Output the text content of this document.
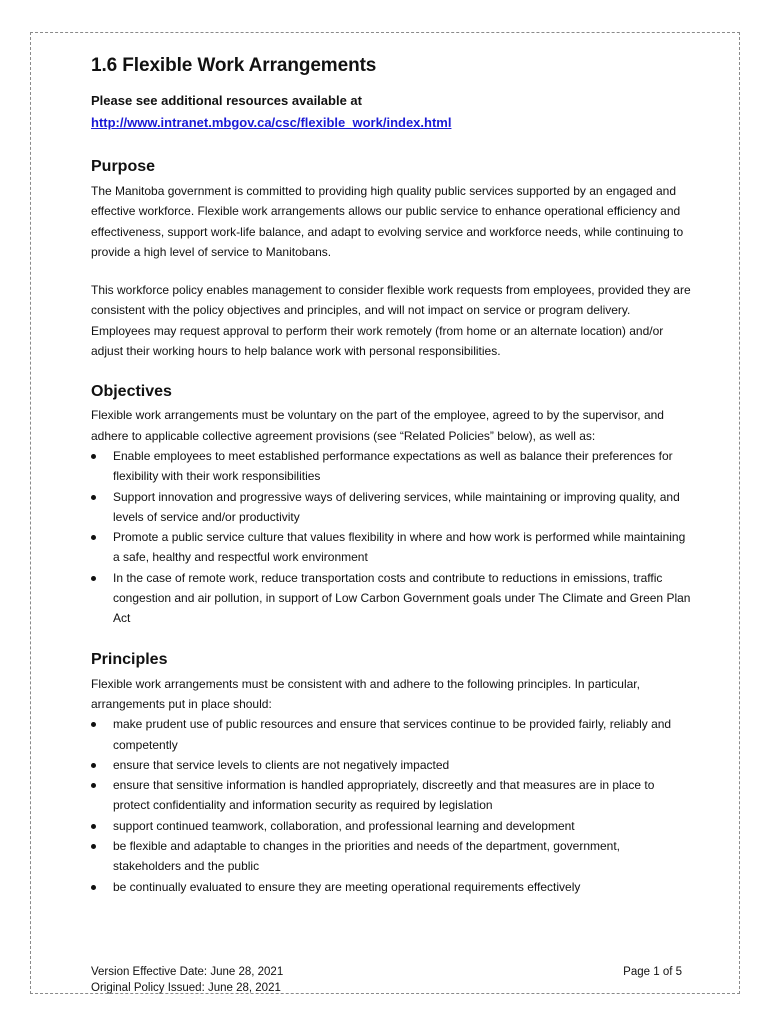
1.6 Flexible Work Arrangements
Please see additional resources available at
http://www.intranet.mbgov.ca/csc/flexible_work/index.html
Purpose

The Manitoba government is committed to providing high quality public services supported by an engaged and effective workforce. Flexible work arrangements allows our public service to enhance operational efficiency and effectiveness, support work-life balance, and adapt to evolving service and workforce needs, while continuing to provide a high level of service to Manitobans.

This workforce policy enables management to consider flexible work requests from employees, provided they are consistent with the policy objectives and principles, and will not impact on service or program delivery. Employees may request approval to perform their work remotely (from home or an alternate location) and/or adjust their working hours to help balance work with personal responsibilities.

Objectives

Flexible work arrangements must be voluntary on the part of the employee, agreed to by the supervisor, and adhere to applicable collective agreement provisions (see “Related Policies” below), as well as:

Enable employees to meet established performance expectations as well as balance their preferences for flexibility with their work responsibilities
Support innovation and progressive ways of delivering services, while maintaining or improving quality, and levels of service and/or productivity
Promote a public service culture that values flexibility in where and how work is performed while maintaining a safe, healthy and respectful work environment
In the case of remote work, reduce transportation costs and contribute to reductions in emissions, traffic congestion and air pollution, in support of Low Carbon Government goals under The Climate and Green Plan Act
Principles

Flexible work arrangements must be consistent with and adhere to the following principles. In particular, arrangements put in place should:

make prudent use of public resources and ensure that services continue to be provided fairly, reliably and competently
ensure that service levels to clients are not negatively impacted
ensure that sensitive information is handled appropriately, discreetly and that measures are in place to protect confidentiality and information security as required by legislation
support continued teamwork, collaboration, and professional learning and development
be flexible and adaptable to changes in the priorities and needs of the department, government, stakeholders and the public
be continually evaluated to ensure they are meeting operational requirements effectively
Version Effective Date: June 28, 2021
Original Policy Issued: June 28, 2021
Page 1 of 5
